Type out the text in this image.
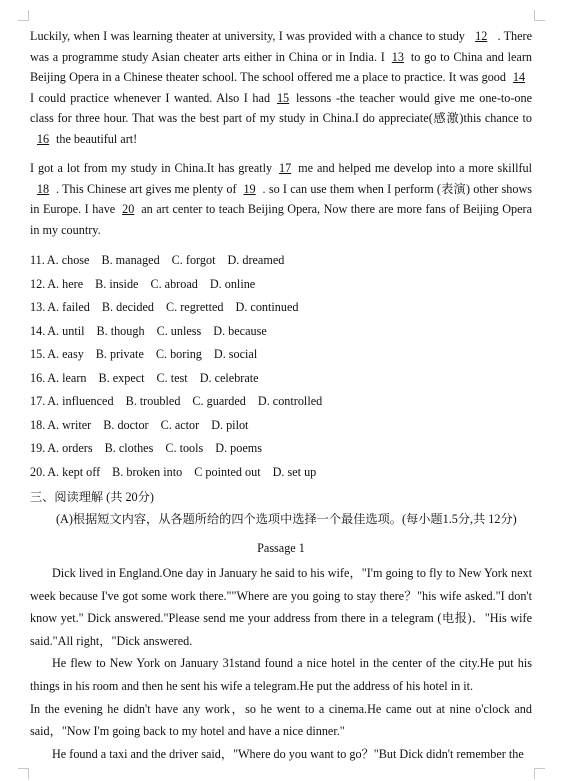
Luckily, when I was learning theater at university, I was provided with a chance to study 12 . There was a programme study Asian cheater arts either in China or in India. I 13 to go to China and learn Beijing Opera in a Chinese theater school. The school offered me a place to practice. It was good 14I could practice whenever I wanted. Also I had 15 lessons -the teacher would give me one-to-one class for three hour. That was the best part of my study in China.I do appreciate(感激)this chance to16 the beautiful art!

I got a lot from my study in China.It has greatly 17 me and helped me develop into a more skillful18 . This Chinese art gives me plenty of 19 . so I can use them when I perform (表演) other shows in Europe. I have 20 an art center to teach Beijing Opera, Now there are more fans of Beijing Opera in my country.

11. A. chose B. managed C. forgot D. dreamed
12. A. here B. inside C. abroad D. online
13. A. failed B. decided C. regretted D. continued
14. A. until B. though C. unless D. because
15. A. easy B. private C. boring D. social
16. A. learn B. expect C. test D. celebrate
17. A. influenced B. troubled C. guarded D. controlled
18. A. writer B. doctor C. actor D. pilot
19. A. orders B. clothes C. tools D. poems
20. A. kept off B. broken into C pointed out D. set up
三、阅读理解 (共 20分)
(A)根据短文内容，从各题所给的四个选项中选择一个最佳选项。(每小题1.5分,共 12分)
Passage 1

Dick lived in England.One day in January he said to his wife，"I'm going to fly to New York next week because I've got some work there.""Where are you going to stay there？"his wife asked."I don't know yet." Dick answered."Please send me your address from there in a telegram (电报)．"His wife said."All right，"Dick answered.

He flew to New York on January 31stand found a nice hotel in the center of the city.He put his things in his room and then he sent his wife a telegram.He put the address of his hotel in it.

In the evening he didn't have any work，so he went to a cinema.He came out at nine o'clock and said，"Now I'm going back to my hotel and have a nice dinner."

He found a taxi and the driver said，"Where do you want to go？"But Dick didn't remember the
